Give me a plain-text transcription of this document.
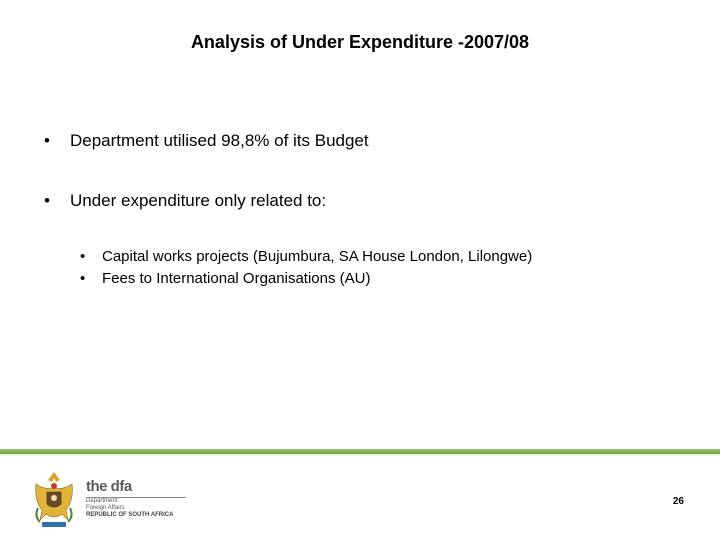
Analysis of Under Expenditure -2007/08
• Department utilised 98,8% of its Budget
• Under expenditure only related to:
• Capital works projects (Bujumbura, SA House London, Lilongwe)
• Fees to International Organisations (AU)
the dfa
Department:
Foreign Affairs
REPUBLIC OF SOUTH AFRICA
26
